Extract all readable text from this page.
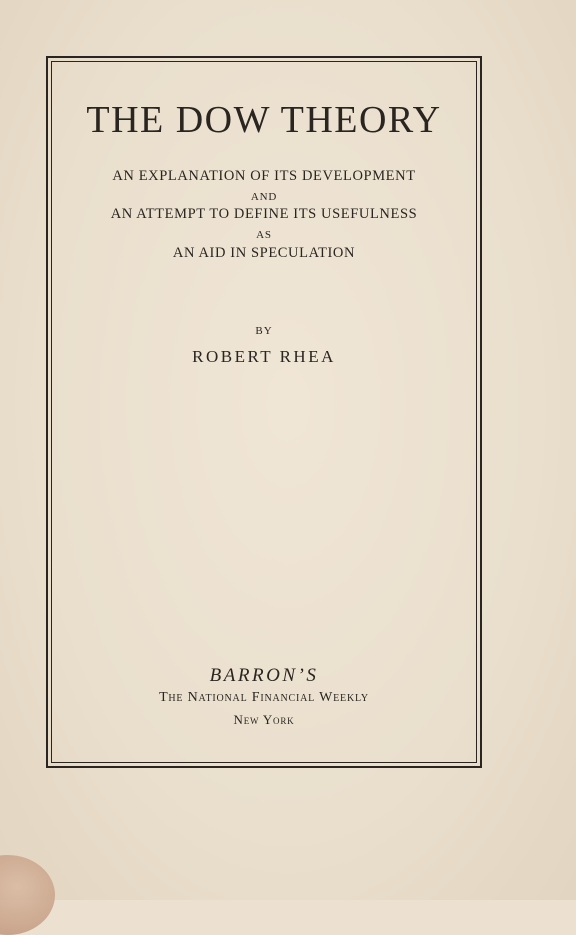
THE DOW THEORY
AN EXPLANATION OF ITS DEVELOPMENT
AND
AN ATTEMPT TO DEFINE ITS USEFULNESS
AS
AN AID IN SPECULATION
BY
ROBERT RHEA
BARRON’S
The National Financial Weekly
New York
